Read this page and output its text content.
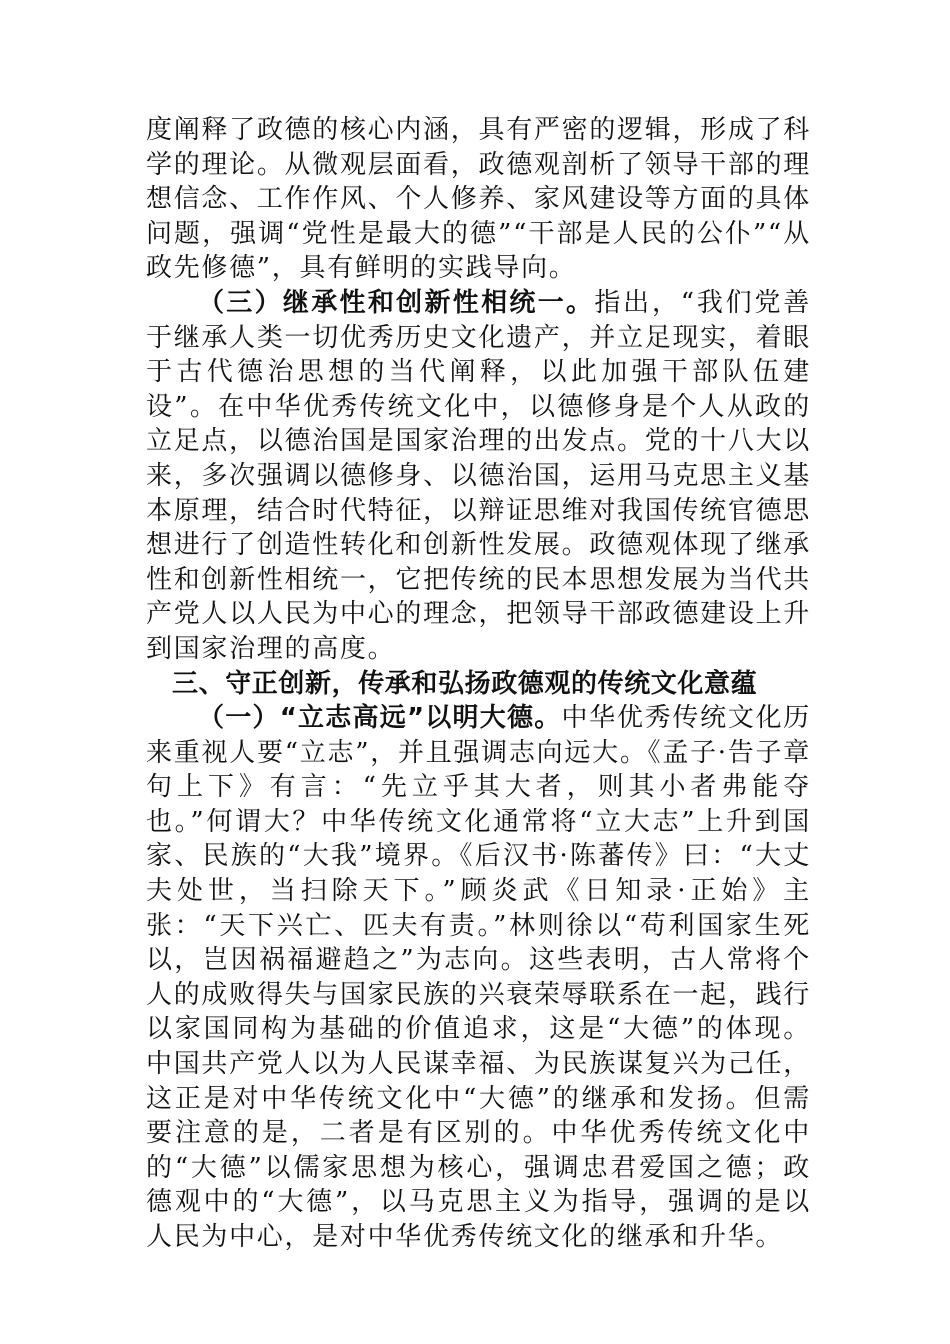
度阐释了政德的核心内涵，具有严密的逻辑，形成了科学的理论。从微观层面看，政德观剖析了领导干部的理想信念、工作作风、个人修养、家风建设等方面的具体问题，强调“党性是最大的德”“干部是人民的公仆”“从政先修德”，具有鲜明的实践导向。

（三）继承性和创新性相统一。指出，“我们党善于继承人类一切优秀历史文化遗产，并立足现实，着眼于古代德治思想的当代阐释，以此加强干部队伍建设”。在中华优秀传统文化中，以德修身是个人从政的立足点，以德治国是国家治理的出发点。党的十八大以来，多次强调以德修身、以德治国，运用马克思主义基本原理，结合时代特征，以辩证思维对我国传统官德思想进行了创造性转化和创新性发展。政德观体现了继承性和创新性相统一，它把传统的民本思想发展为当代共产党人以人民为中心的理念，把领导干部政德建设上升到国家治理的高度。

三、守正创新，传承和弘扬政德观的传统文化意蕴

（一）“立志高远”以明大德。中华优秀传统文化历来重视人要“立志”，并且强调志向远大。《孟子·告子章句上下》有言：“先立乎其大者，则其小者弗能夺也。”何谓大？中华传统文化通常将“立大志”上升到国家、民族的“大我”境界。《后汉书·陈蕃传》曰：“大丈夫处世，当扫除天下。”顾炎武《日知录·正始》主张：“天下兴亡、匹夫有责。”林则徐以“苟利国家生死以，岂因祸福避趋之”为志向。这些表明，古人常将个人的成败得失与国家民族的兴衰荣辱联系在一起，践行以家国同构为基础的价值追求，这是“大德”的体现。中国共产党人以为人民谋幸福、为民族谋复兴为己任，这正是对中华传统文化中“大德”的继承和发扬。但需要注意的是，二者是有区别的。中华优秀传统文化中的“大德”以儒家思想为核心，强调忠君爱国之德；政德观中的“大德”，以马克思主义为指导，强调的是以人民为中心，是对中华优秀传统文化的继承和升华。
